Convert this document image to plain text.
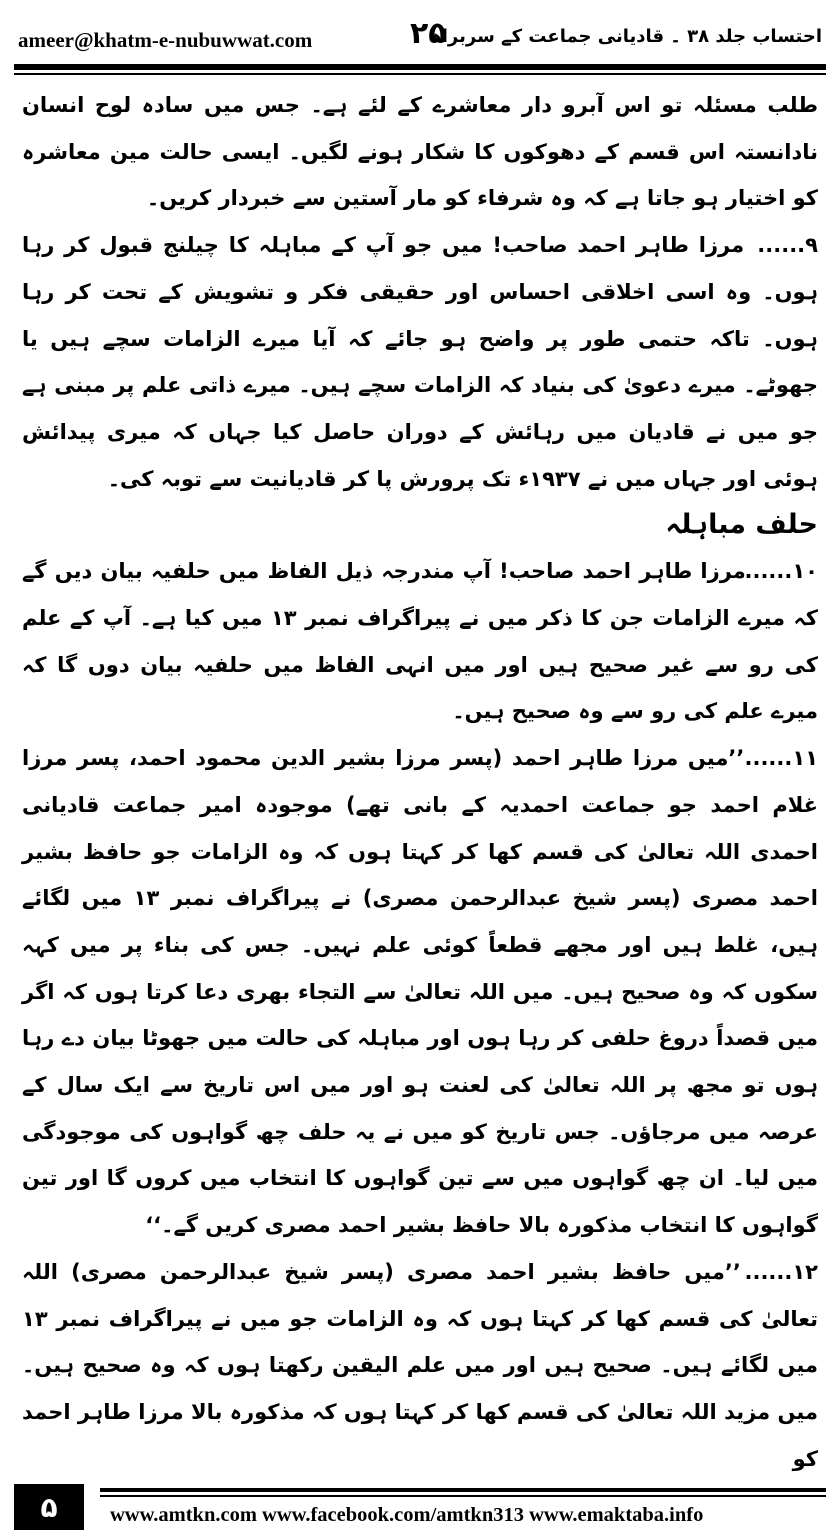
ameer@khatm-e-nubuwwat.com	۲۵
احتساب جلد ۳۸ ۔ قادیانی جماعت کے سربراہ

طلب مسئلہ تو اس آبرو دار معاشرے کے لئے ہے۔ جس میں سادہ لوح انسان نادانستہ اس قسم کے دھوکوں کا شکار ہونے لگیں۔ ایسی حالت مین معاشرہ کو اختیار ہو جاتا ہے کہ وہ شرفاء کو مار آستین سے خبردار کریں۔

۹...... مرزا طاہر احمد صاحب! میں جو آپ کے مباہلہ کا چیلنج قبول کر رہا ہوں۔ وہ اسی اخلاقی احساس اور حقیقی فکر و تشویش کے تحت کر رہا ہوں۔ تاکہ حتمی طور پر واضح ہو جائے کہ آیا میرے الزامات سچے ہیں یا جھوٹے۔ میرے دعویٰ کی بنیاد کہ الزامات سچے ہیں۔ میرے ذاتی علم پر مبنی ہے جو میں نے قادیان میں رہائش کے دوران حاصل کیا جہاں کہ میری پیدائش ہوئی اور جہاں میں نے ۱۹۳۷ء تک پرورش پا کر قادیانیت سے توبہ کی۔

حلف مباہلہ

۱۰...... مرزا طاہر احمد صاحب! آپ مندرجہ ذیل الفاظ میں حلفیہ بیان دیں گے کہ میرے الزامات جن کا ذکر میں نے پیراگراف نمبر ۱۳ میں کیا ہے۔ آپ کے علم کی رو سے غیر صحیح ہیں اور میں انہی الفاظ میں حلفیہ بیان دوں گا کہ میرے علم کی رو سے وہ صحیح ہیں۔

۱۱...... ’’میں مرزا طاہر احمد (پسر مرزا بشیر الدین محمود احمد، پسر مرزا غلام احمد جو جماعت احمدیہ کے بانی تھے) موجودہ امیر جماعت قادیانی احمدی اللہ تعالیٰ کی قسم کھا کر کہتا ہوں کہ وہ الزامات جو حافظ بشیر احمد مصری (پسر شیخ عبدالرحمن مصری) نے پیراگراف نمبر ۱۳ میں لگائے ہیں، غلط ہیں اور مجھے قطعاً کوئی علم نہیں۔ جس کی بناء پر میں کہہ سکوں کہ وہ صحیح ہیں۔ میں اللہ تعالیٰ سے التجاء بھری دعا کرتا ہوں کہ اگر میں قصداً دروغ حلفی کر رہا ہوں اور مباہلہ کی حالت میں جھوٹا بیان دے رہا ہوں تو مجھ پر اللہ تعالیٰ کی لعنت ہو اور میں اس تاریخ سے ایک سال کے عرصہ میں مرجاؤں۔ جس تاریخ کو میں نے یہ حلف چھ گواہوں کی موجودگی میں لیا۔ ان چھ گواہوں میں سے تین گواہوں کا انتخاب میں کروں گا اور تین گواہوں کا انتخاب مذکورہ بالا حافظ بشیر احمد مصری کریں گے۔‘‘

۱۲...... ’’میں حافظ بشیر احمد مصری (پسر شیخ عبدالرحمن مصری) اللہ تعالیٰ کی قسم کھا کر کہتا ہوں کہ وہ الزامات جو میں نے پیراگراف نمبر ۱۳ میں لگائے ہیں۔ صحیح ہیں اور میں علم الیقین رکھتا ہوں کہ وہ صحیح ہیں۔ میں مزید اللہ تعالیٰ کی قسم کھا کر کہتا ہوں کہ مذکورہ بالا مرزا طاہر احمد کو

۵	www.amtkn.com www.facebook.com/amtkn313 www.emaktaba.info
